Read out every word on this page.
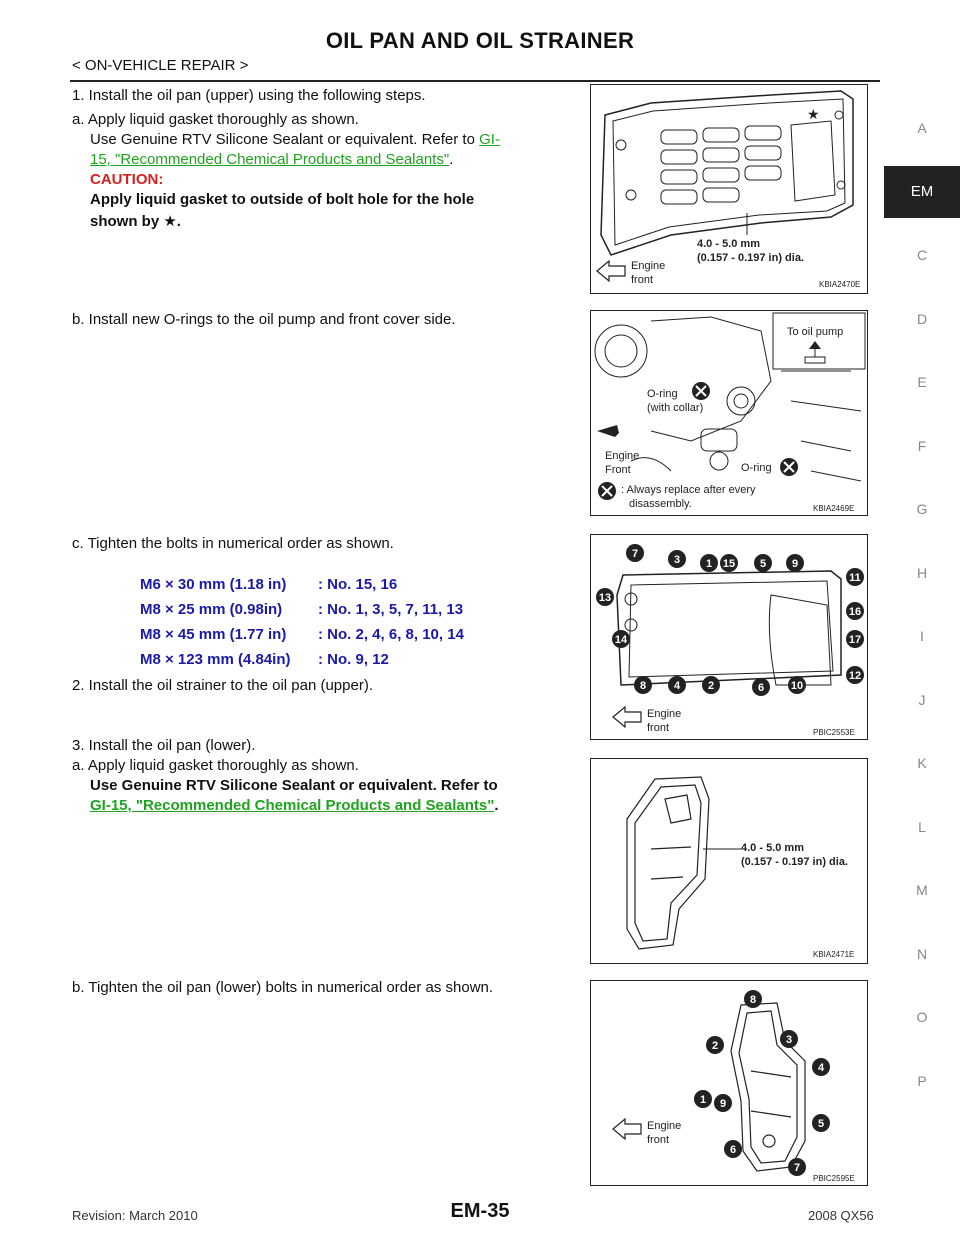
OIL PAN AND OIL STRAINER
< ON-VEHICLE REPAIR >
A
EM
C
D
E
F
G
H
I
J
K
L
M
N
O
P
1. Install the oil pan (upper) using the following steps.
a. Apply liquid gasket thoroughly as shown.
Use Genuine RTV Silicone Sealant or equivalent. Refer to GI-
15, "Recommended Chemical Products and Sealants".
CAUTION:
Apply liquid gasket to outside of bolt hole for the hole
shown by ★.
★
4.0 - 5.0 mm
(0.157 - 0.197 in) dia.
Engine
front	KBIA2470E
b. Install new O-rings to the oil pump and front cover side.
To oil pump
O-ring
(with collar)
Engine
Front	O-ring
: Always replace after every
disassembly.	KBIA2469E
c. Tighten the bolts in numerical order as shown.
M6 × 30 mm (1.18 in) : No. 15, 16
M8 × 25 mm (0.98in) : No. 1, 3, 5, 7, 11, 13
M8 × 45 mm (1.77 in) : No. 2, 4, 6, 8, 10, 14
M8 × 123 mm (4.84in) : No. 9, 12
7	3 1 15 5 9
11
16
17
12
13
14
8	4	2	6 10
Engine
front	PBIC2553E
2. Install the oil strainer to the oil pan (upper).
3. Install the oil pan (lower).
a. Apply liquid gasket thoroughly as shown.
Use Genuine RTV Silicone Sealant or equivalent. Refer to
GI-15, "Recommended Chemical Products and Sealants".
4.0 - 5.0 mm
(0.157 - 0.197 in) dia.
KBIA2471E
b. Tighten the oil pan (lower) bolts in numerical order as shown.
8
2	3
4
1 9
5
6
7
Engine
front
PBIC2595E
Revision: March 2010	EM-35	2008 QX56
